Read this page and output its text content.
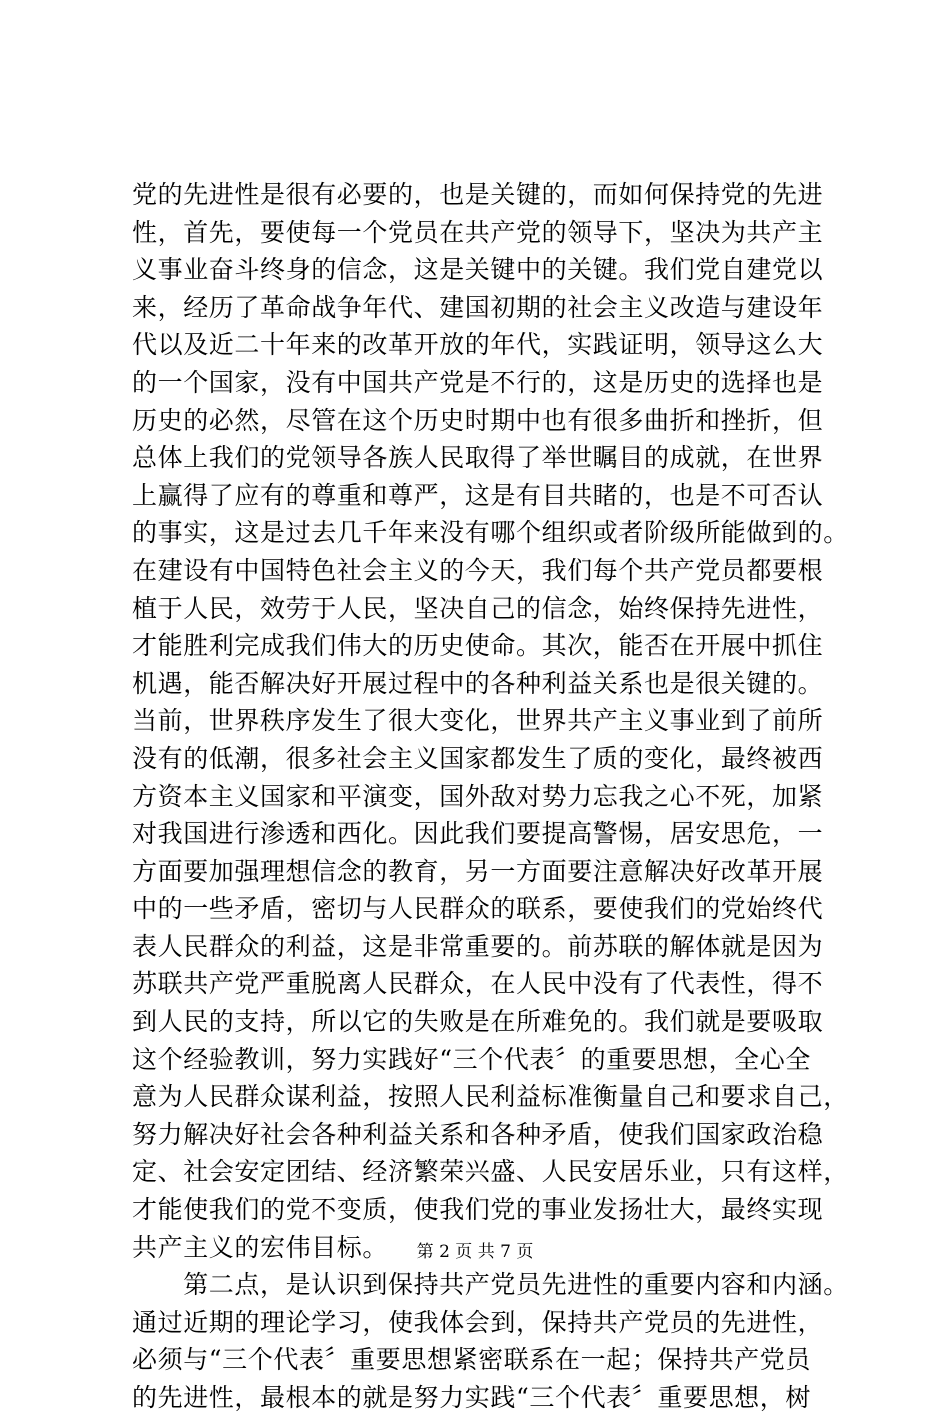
党的先进性是很有必要的，也是关键的，而如何保持党的先进
性，首先，要使每一个党员在共产党的领导下，坚决为共产主
义事业奋斗终身的信念，这是关键中的关键。我们党自建党以
来，经历了革命战争年代、建国初期的社会主义改造与建设年
代以及近二十年来的改革开放的年代，实践证明，领导这么大
的一个国家，没有中国共产党是不行的，这是历史的选择也是
历史的必然，尽管在这个历史时期中也有很多曲折和挫折，但
总体上我们的党领导各族人民取得了举世瞩目的成就，在世界
上赢得了应有的尊重和尊严，这是有目共睹的，也是不可否认
的事实，这是过去几千年来没有哪个组织或者阶级所能做到的。
在建设有中国特色社会主义的今天，我们每个共产党员都要根
植于人民，效劳于人民，坚决自己的信念，始终保持先进性，
才能胜利完成我们伟大的历史使命。其次，能否在开展中抓住
机遇，能否解决好开展过程中的各种利益关系也是很关键的。
当前，世界秩序发生了很大变化，世界共产主义事业到了前所
没有的低潮，很多社会主义国家都发生了质的变化，最终被西
方资本主义国家和平演变，国外敌对势力忘我之心不死，加紧
对我国进行渗透和西化。因此我们要提高警惕，居安思危，一
方面要加强理想信念的教育，另一方面要注意解决好改革开展
中的一些矛盾，密切与人民群众的联系，要使我们的党始终代
表人民群众的利益，这是非常重要的。前苏联的解体就是因为
苏联共产党严重脱离人民群众，在人民中没有了代表性，得不
到人民的支持，所以它的失败是在所难免的。我们就是要吸取
这个经验教训，努力实践好“三个代表〞的重要思想，全心全
意为人民群众谋利益，按照人民利益标准衡量自己和要求自己，
努力解决好社会各种利益关系和各种矛盾，使我们国家政治稳
定、社会安定团结、经济繁荣兴盛、人民安居乐业，只有这样，
才能使我们的党不变质，使我们党的事业发扬壮大，最终实现
共产主义的宏伟目标。
　　第二点，是认识到保持共产党员先进性的重要内容和内涵。
通过近期的理论学习，使我体会到，保持共产党员的先进性，
必须与“三个代表〞重要思想紧密联系在一起；保持共产党员
的先进性，最根本的就是努力实践“三个代表〞重要思想，树
第 2 页 共 7 页
